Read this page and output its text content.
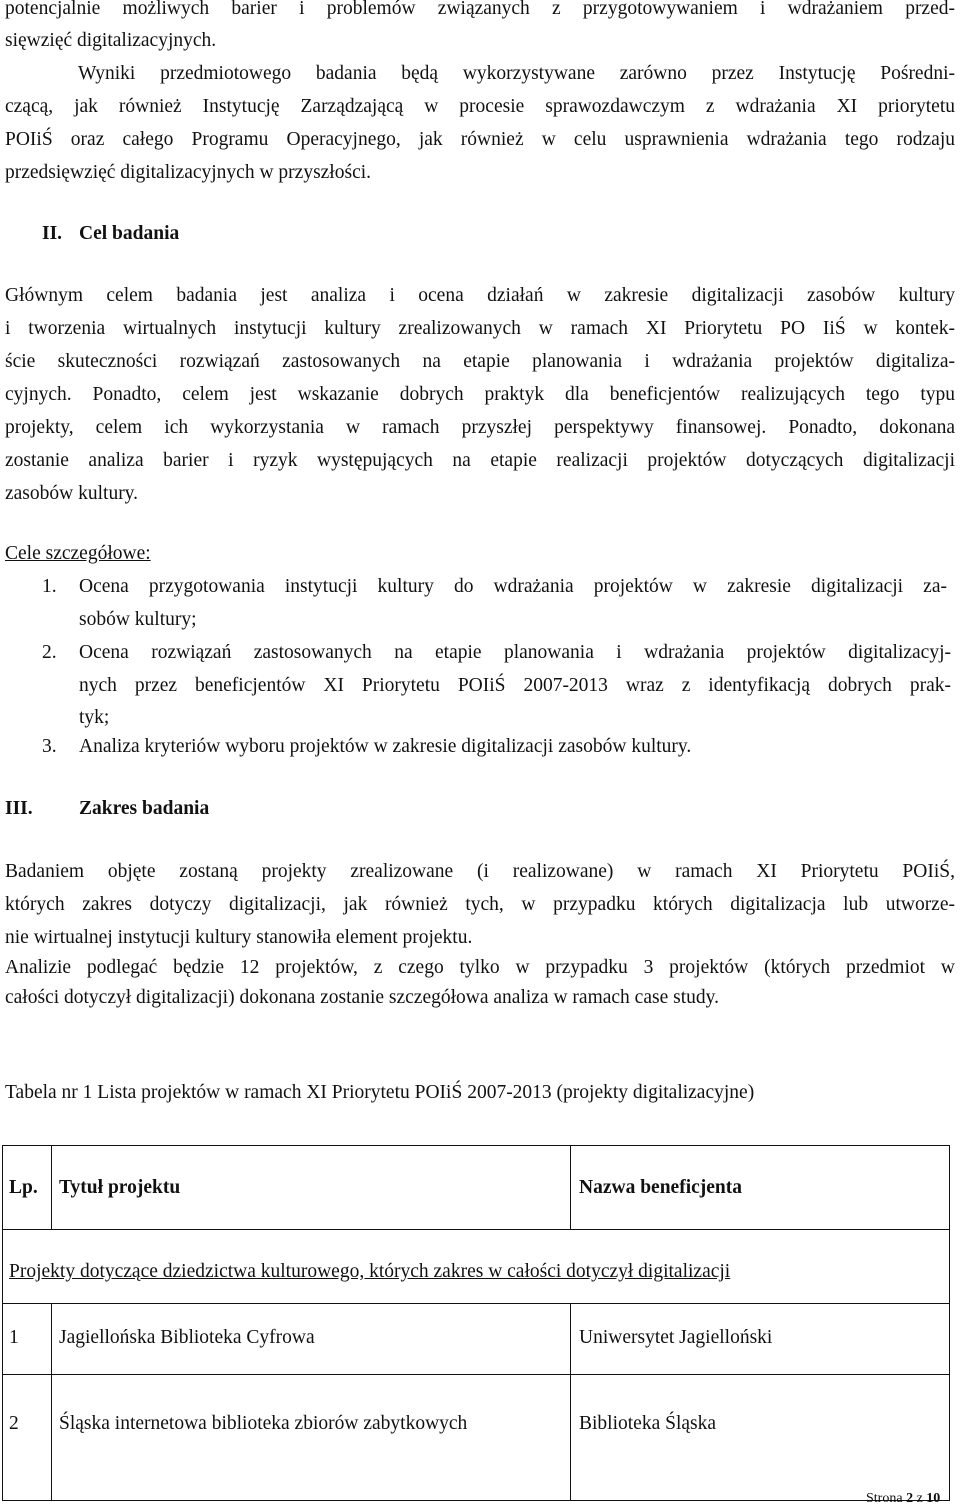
potencjalnie możliwych barier i problemów związanych z przygotowywaniem i wdrażaniem przed-
sięwzięć digitalizacyjnych.
Wyniki przedmiotowego badania będą wykorzystywane zarówno przez Instytucję Pośredni-
czącą, jak również Instytucję Zarządzającą w procesie sprawozdawczym z wdrażania XI priorytetu
POIiŚ oraz całego Programu Operacyjnego, jak również w celu usprawnienia wdrażania tego rodzaju
przedsięwzięć digitalizacyjnych w przyszłości.
II. Cel badania
Głównym celem badania jest analiza i ocena działań w zakresie digitalizacji zasobów kultury
i tworzenia wirtualnych instytucji kultury zrealizowanych w ramach XI Priorytetu PO IiŚ w kontek-
ście skuteczności rozwiązań zastosowanych na etapie planowania i wdrażania projektów digitaliza-
cyjnych. Ponadto, celem jest wskazanie dobrych praktyk dla beneficjentów realizujących tego typu
projekty, celem ich wykorzystania w ramach przyszłej perspektywy finansowej. Ponadto, dokonana
zostanie analiza barier i ryzyk występujących na etapie realizacji projektów dotyczących digitalizacji
zasobów kultury.
Cele szczegółowe:
1. Ocena przygotowania instytucji kultury do wdrażania projektów w zakresie digitalizacji za-
sobów kultury;
2. Ocena rozwiązań zastosowanych na etapie planowania i wdrażania projektów digitalizacyj-
nych przez beneficjentów XI Priorytetu POIiŚ 2007-2013 wraz z identyfikacją dobrych prak-
tyk;
3. Analiza kryteriów wyboru projektów w zakresie digitalizacji zasobów kultury.
III. Zakres badania
Badaniem objęte zostaną projekty zrealizowane (i realizowane) w ramach XI Priorytetu POIiŚ,
których zakres dotyczy digitalizacji, jak również tych, w przypadku których digitalizacja lub utworze-
nie wirtualnej instytucji kultury stanowiła element projektu.
Analizie podlegać będzie 12 projektów, z czego tylko w przypadku 3 projektów (których przedmiot w
całości dotyczył digitalizacji) dokonana zostanie szczegółowa analiza w ramach case study.
Tabela nr 1 Lista projektów w ramach XI Priorytetu POIiŚ 2007-2013 (projekty digitalizacyjne)
Lp. Tytuł projektu	Nazwa beneficjenta
Projekty dotyczące dziedzictwa kulturowego, których zakres w całości dotyczył digitalizacji
1 Jagiellońska Biblioteka Cyfrowa	Uniwersytet Jagielloński
2 Śląska internetowa biblioteka zbiorów zabytkowych	Biblioteka Śląska
Strona 2 z 10
